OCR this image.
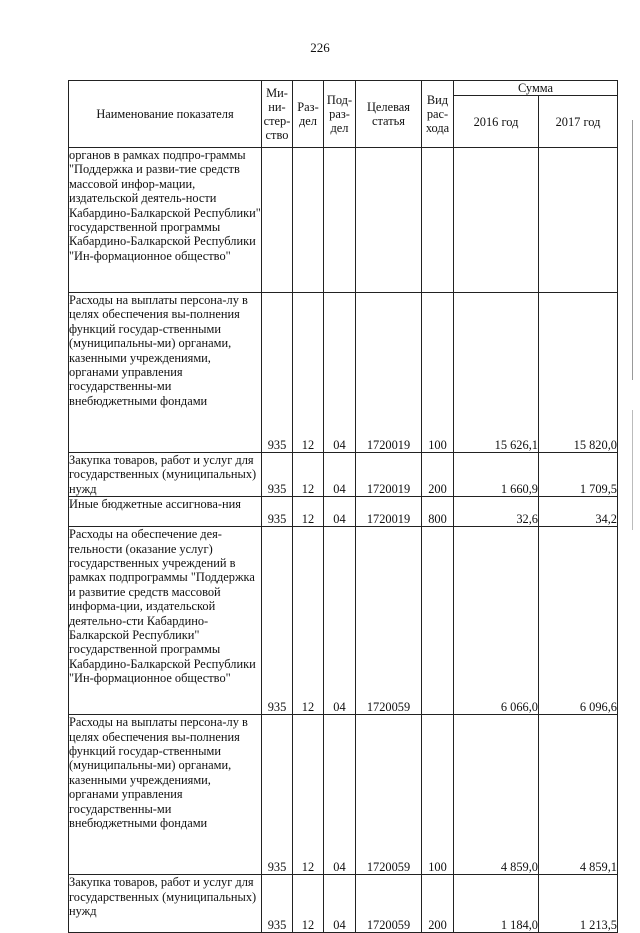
226
Наименование показателя	Ми-
ни-
стер-
ство	Раз-
дел	Под-
раз-
дел	Целевая
статья	Вид
рас-
хода	Сумма	
						2016 год	2017 год
органов в рамках подпро-граммы "Поддержка и разви-тие средств массовой инфор-мации, издательской деятель-ности Кабардино-Балкарской Республики" государственной программы Кабардино-Балкарской Республики "Ин-формационное общество"							
Расходы на выплаты персона-лу в целях обеспечения вы-полнения функций государ-ственными (муниципальны-ми) органами, казенными учреждениями, органами управления государственны-ми внебюджетными фондами	935	12	04	1720019	100	15 626,1	15 820,0
Закупка товаров, работ и услуг для государственных (муниципальных) нужд	935	12	04	1720019	200	1 660,9	1 709,5
Иные бюджетные ассигнова-ния	935	12	04	1720019	800	32,6	34,2
Расходы на обеспечение дея-тельности (оказание услуг) государственных учреждений в рамках подпрограммы "Поддержка и развитие средств массовой информа-ции, издательской деятельно-сти Кабардино-Балкарской Республики" государственной программы Кабардино-Балкарской Республики "Ин-формационное общество"	935	12	04	1720059		6 066,0	6 096,6
Расходы на выплаты персона-лу в целях обеспечения вы-полнения функций государ-ственными (муниципальны-ми) органами, казенными учреждениями, органами управления государственны-ми внебюджетными фондами	935	12	04	1720059	100	4 859,0	4 859,1
Закупка товаров, работ и услуг для государственных (муниципальных) нужд	935	12	04	1720059	200	1 184,0	1 213,5
